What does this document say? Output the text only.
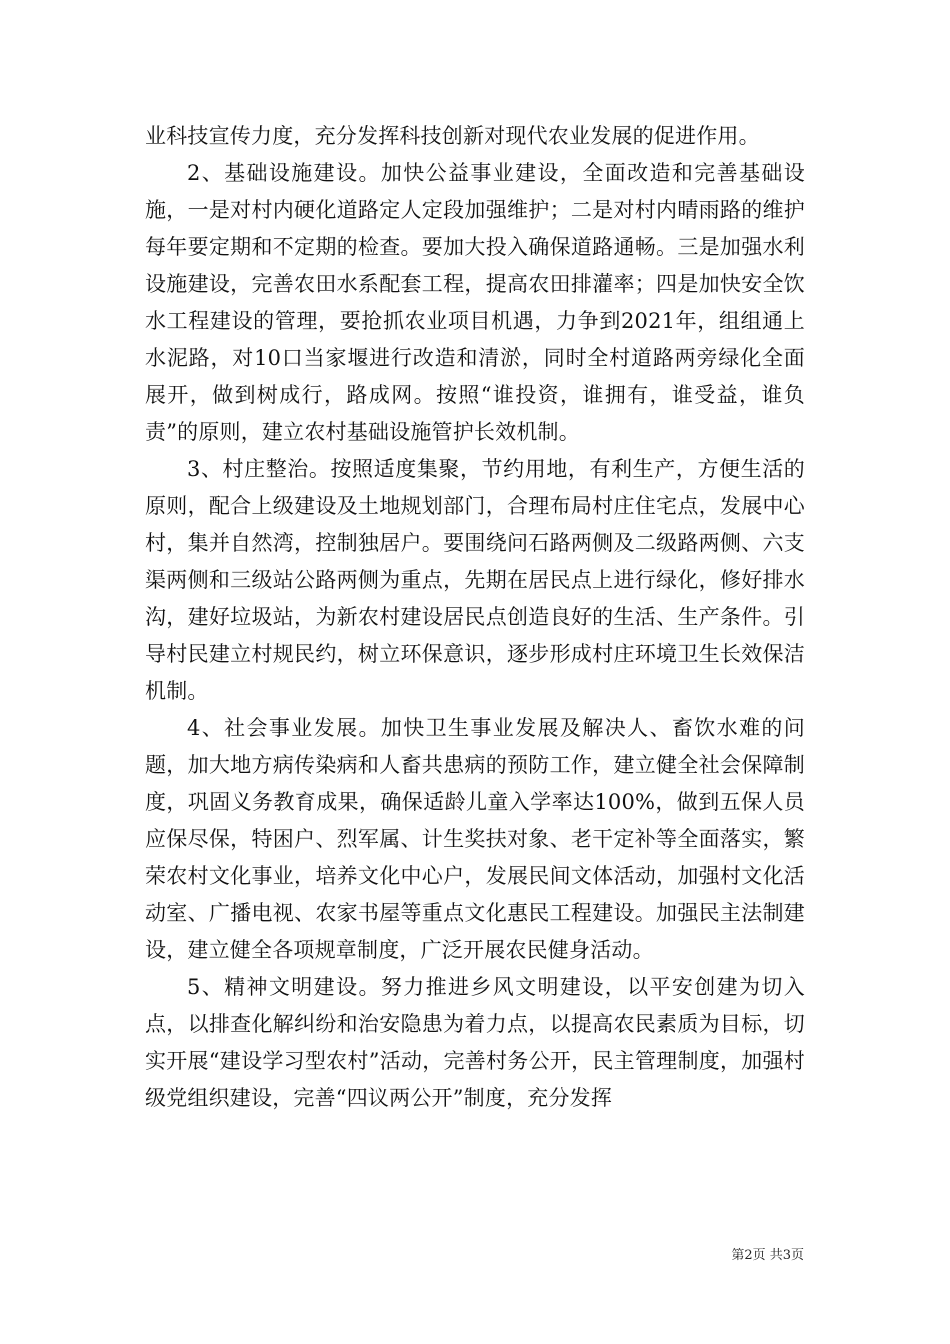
业科技宣传力度，充分发挥科技创新对现代农业发展的促进作用。

2、基础设施建设。加快公益事业建设，全面改造和完善基础设施，一是对村内硬化道路定人定段加强维护；二是对村内晴雨路的维护每年要定期和不定期的检查。要加大投入确保道路通畅。三是加强水利设施建设，完善农田水系配套工程，提高农田排灌率；四是加快安全饮水工程建设的管理，要抢抓农业项目机遇，力争到2021年，组组通上水泥路，对10口当家堰进行改造和清淤，同时全村道路两旁绿化全面展开，做到树成行，路成网。按照“谁投资，谁拥有，谁受益，谁负责”的原则，建立农村基础设施管护长效机制。

3、村庄整治。按照适度集聚，节约用地，有利生产，方便生活的原则，配合上级建设及土地规划部门，合理布局村庄住宅点，发展中心村，集并自然湾，控制独居户。要围绕问石路两侧及二级路两侧、六支渠两侧和三级站公路两侧为重点，先期在居民点上进行绿化，修好排水沟，建好垃圾站，为新农村建设居民点创造良好的生活、生产条件。引导村民建立村规民约，树立环保意识，逐步形成村庄环境卫生长效保洁机制。

4、社会事业发展。加快卫生事业发展及解决人、畜饮水难的问题，加大地方病传染病和人畜共患病的预防工作，建立健全社会保障制度，巩固义务教育成果，确保适龄儿童入学率达100%，做到五保人员应保尽保，特困户、烈军属、计生奖扶对象、老干定补等全面落实，繁荣农村文化事业，培养文化中心户，发展民间文体活动，加强村文化活动室、广播电视、农家书屋等重点文化惠民工程建设。加强民主法制建设，建立健全各项规章制度，广泛开展农民健身活动。

5、精神文明建设。努力推进乡风文明建设，以平安创建为切入点，以排查化解纠纷和治安隐患为着力点，以提高农民素质为目标，切实开展“建设学习型农村”活动，完善村务公开，民主管理制度，加强村级党组织建设，完善“四议两公开”制度，充分发挥

第2页 共3页
